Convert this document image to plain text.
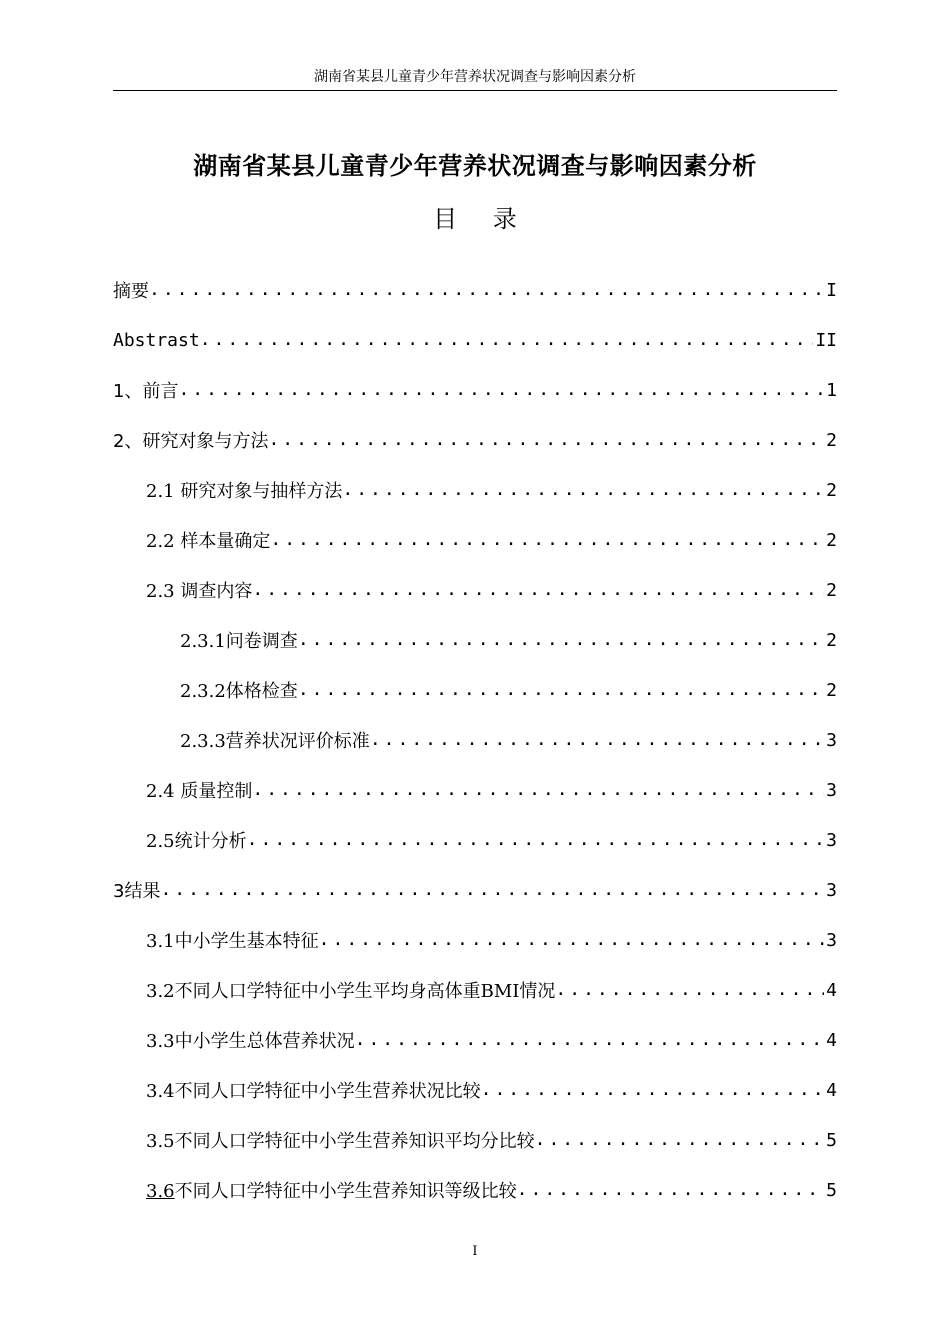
湖南省某县儿童青少年营养状况调查与影响因素分析
湖南省某县儿童青少年营养状况调查与影响因素分析
目 录
摘要 .....	I
Abstrast .....	II
1、前言 .....	1
2、研究对象与方法 .....	2
2.1 研究对象与抽样方法 .....	2
2.2 样本量确定 .....	2
2.3 调查内容 .....	2
2.3.1问卷调查 .....	2
2.3.2体格检查 .....	2
2.3.3营养状况评价标准 .....	3
2.4 质量控制 .....	3
2.5统计分析 .....	3
3结果 .....	3
3.1中小学生基本特征 .....	3
3.2不同人口学特征中小学生平均身高体重BMI情况 .....	4
3.3中小学生总体营养状况 .....	4
3.4不同人口学特征中小学生营养状况比较 .....	4
3.5不同人口学特征中小学生营养知识平均分比较 .....	5
3.6不同人口学特征中小学生营养知识等级比较 .....	5
I
